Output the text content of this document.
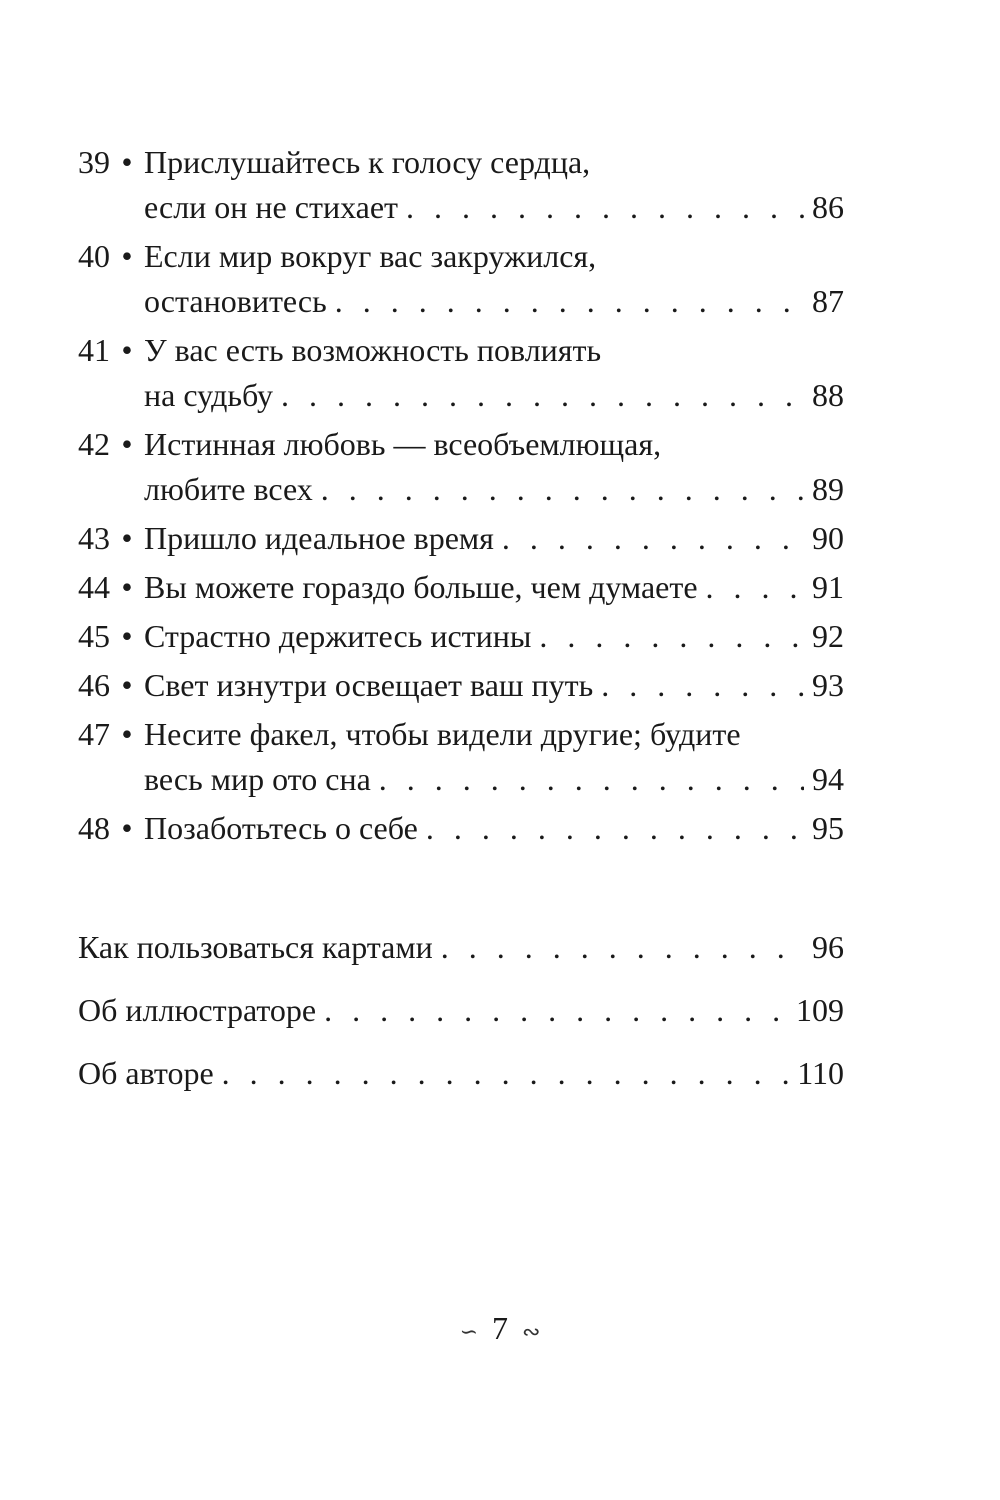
39 • Прислушайтесь к голосу сердца,
если он не стихает . . .	86
40 • Если мир вокруг вас закружился,
остановитесь . . .	87
41 • У вас есть возможность повлиять
на судьбу . . .	88
42 • Истинная любовь — всеобъемлющая,
любите всех . . .	89
43 • Пришло идеальное время . . .	90
44 • Вы можете гораздо больше, чем думаете . . .	91
45 • Страстно держитесь истины . . .	92
46 • Свет изнутри освещает ваш путь . . .	93
47 • Несите факел, чтобы видели другие; будите
весь мир ото сна . . .	94
48 • Позаботьтесь о себе . . .	95
Как пользоваться картами . . .	96
Об иллюстраторе . . .	109
Об авторе . . .	110
∽ 7 ∾
